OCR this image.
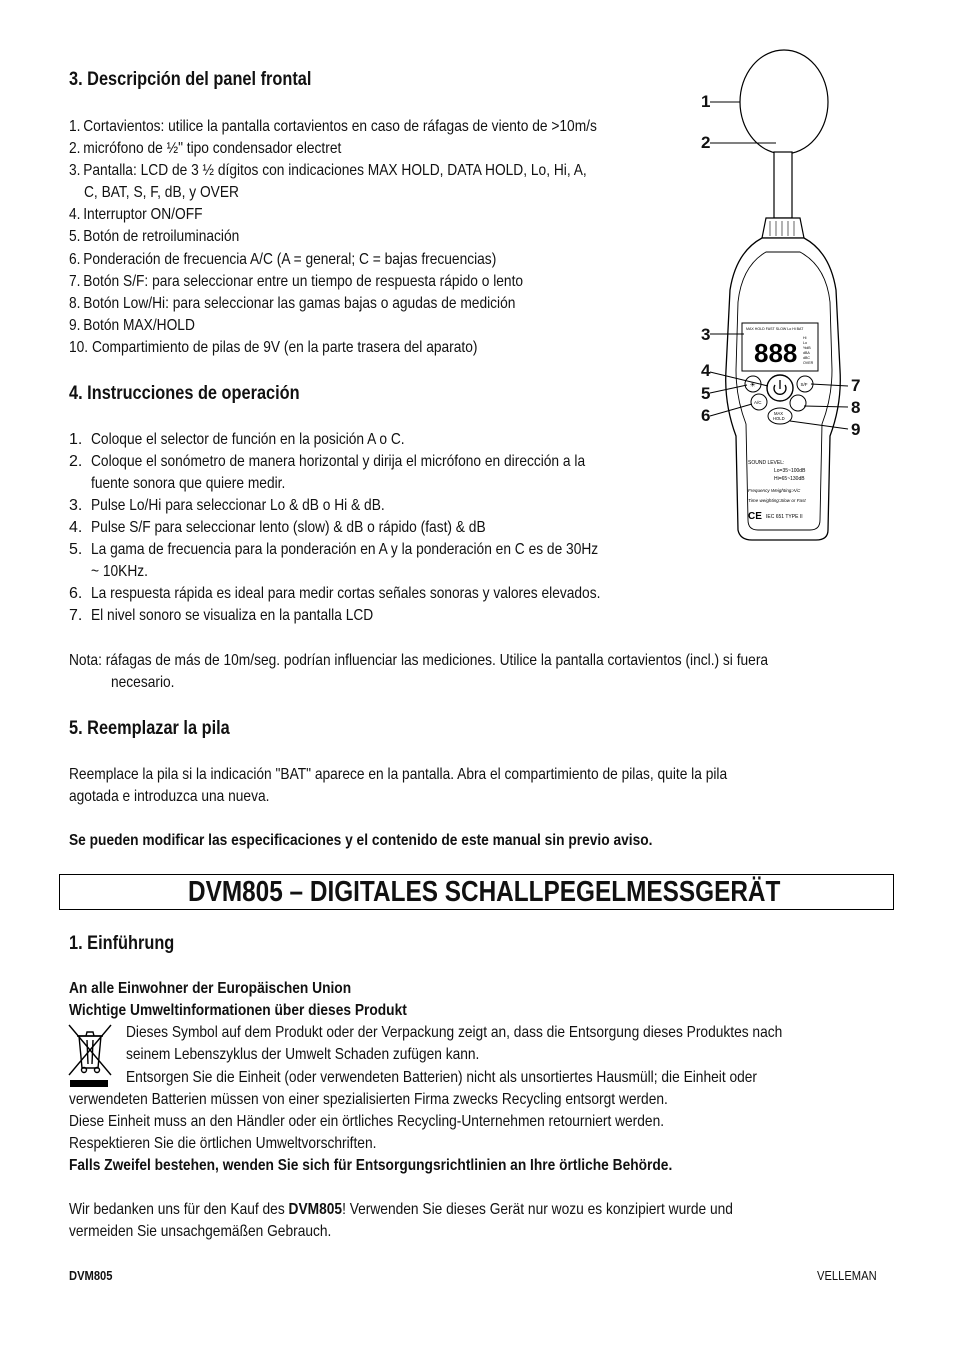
3. Descripción del panel frontal
1. Cortavientos: utilice la pantalla cortavientos en caso de ráfagas de viento de >10m/s
2. micrófono de ½" tipo condensador electret
3. Pantalla: LCD de 3 ½ dígitos con indicaciones MAX HOLD, DATA HOLD, Lo, Hi, A,
C, BAT, S, F, dB, y OVER
4. Interruptor ON/OFF
5. Botón de retroiluminación
6. Ponderación de frecuencia A/C (A = general; C = bajas frecuencias)
7. Botón S/F: para seleccionar entre un tiempo de respuesta rápido o lento
8. Botón Low/Hi: para seleccionar las gamas bajas o agudas de medición
9. Botón MAX/HOLD
10. Compartimiento de pilas de 9V (en la parte trasera del aparato)
4. Instrucciones de operación
1. Coloque el selector de función en la posición A o C.
2. Coloque el sonómetro de manera horizontal y dirija el micrófono en dirección a la
fuente sonora que quiere medir.
3. Pulse Lo/Hi para seleccionar Lo & dB o Hi & dB.
4. Pulse S/F para seleccionar lento (slow) & dB o rápido (fast) & dB
5. La gama de frecuencia para la ponderación en A y la ponderación en C es de 30Hz
~ 10KHz.
6. La respuesta rápida es ideal para medir cortas señales sonoras y valores elevados.
7. El nivel sonoro se visualiza en la pantalla LCD
Nota: ráfagas de más de 10m/seg. podrían influenciar las mediciones. Utilice la pantalla cortavientos (incl.) si fuera
necesario.
5. Reemplazar la pila
Reemplace la pila si la indicación "BAT" aparece en la pantalla. Abra el compartimiento de pilas, quite la pila
agotada e introduzca una nueva.
Se pueden modificar las especificaciones y el contenido de este manual sin previo aviso.
DVM805 – DIGITALES SCHALLPEGELMESSGERÄT
1. Einführung
An alle Einwohner der Europäischen Union
Wichtige Umweltinformationen über dieses Produkt
Dieses Symbol auf dem Produkt oder der Verpackung zeigt an, dass die Entsorgung dieses Produktes nach
seinem Lebenszyklus der Umwelt Schaden zufügen kann.
Entsorgen Sie die Einheit (oder verwendeten Batterien) nicht als unsortiertes Hausmüll; die Einheit oder
verwendeten Batterien müssen von einer spezialisierten Firma zwecks Recycling entsorgt werden.
Diese Einheit muss an den Händler oder ein örtliches Recycling-Unternehmen retourniert werden.
Respektieren Sie die örtlichen Umweltvorschriften.
Falls Zweifel bestehen, wenden Sie sich für Entsorgungsrichtlinien an Ihre örtliche Behörde.
Wir bedanken uns für den Kauf des DVM805! Verwenden Sie dieses Gerät nur wozu es konzipiert wurde und
vermeiden Sie unsachgemäßen Gebrauch.
DVM805	VELLEMAN
MAX HOLD FAST SLOW Lo Hi BAT
888 Hi
Lo
%dB
dBA
dBC
OVER
☀
A/C
S/F
MAX
HOLD
SOUND LEVEL:
Lo=35~100dB
Hi=65~130dB
Frequency Weighting:A/C
Time weighting:Slow or Fast
CE IEC 651 TYPE II
1
2
3
4
5
6
7
8
9
